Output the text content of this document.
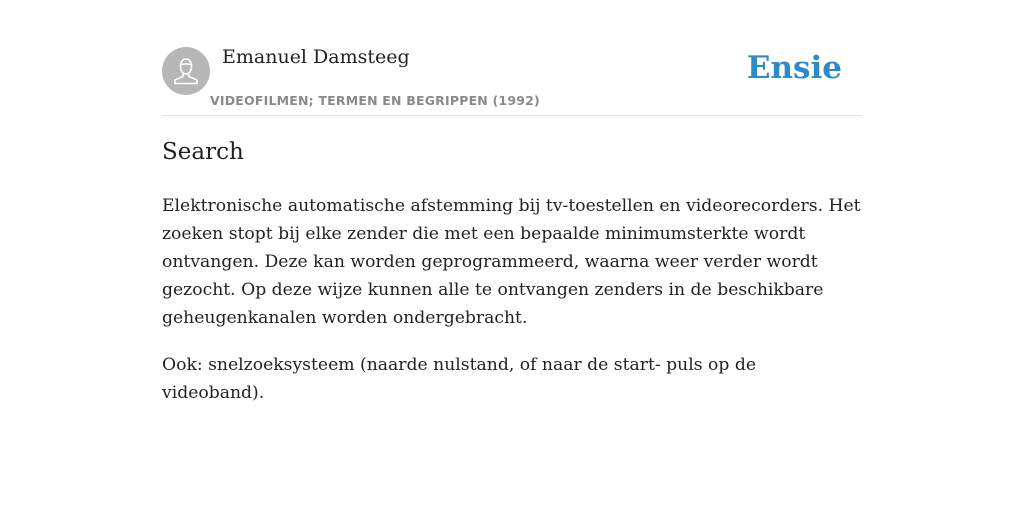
Emanuel Damsteeg
VIDEOFILMEN; TERMEN EN BEGRIPPEN (1992)
Ensie
Search

Elektronische automatische afstemming bij tv-toestellen en videorecorders. Het zoeken stopt bij elke zender die met een bepaalde minimumsterkte wordt ontvangen. Deze kan worden geprogrammeerd, waarna weer verder wordt gezocht. Op deze wijze kunnen alle te ontvangen zenders in de beschikbare geheugenkanalen worden ondergebracht.

Ook: snelzoeksysteem (naarde nulstand, of naar de start- puls op de videoband).
